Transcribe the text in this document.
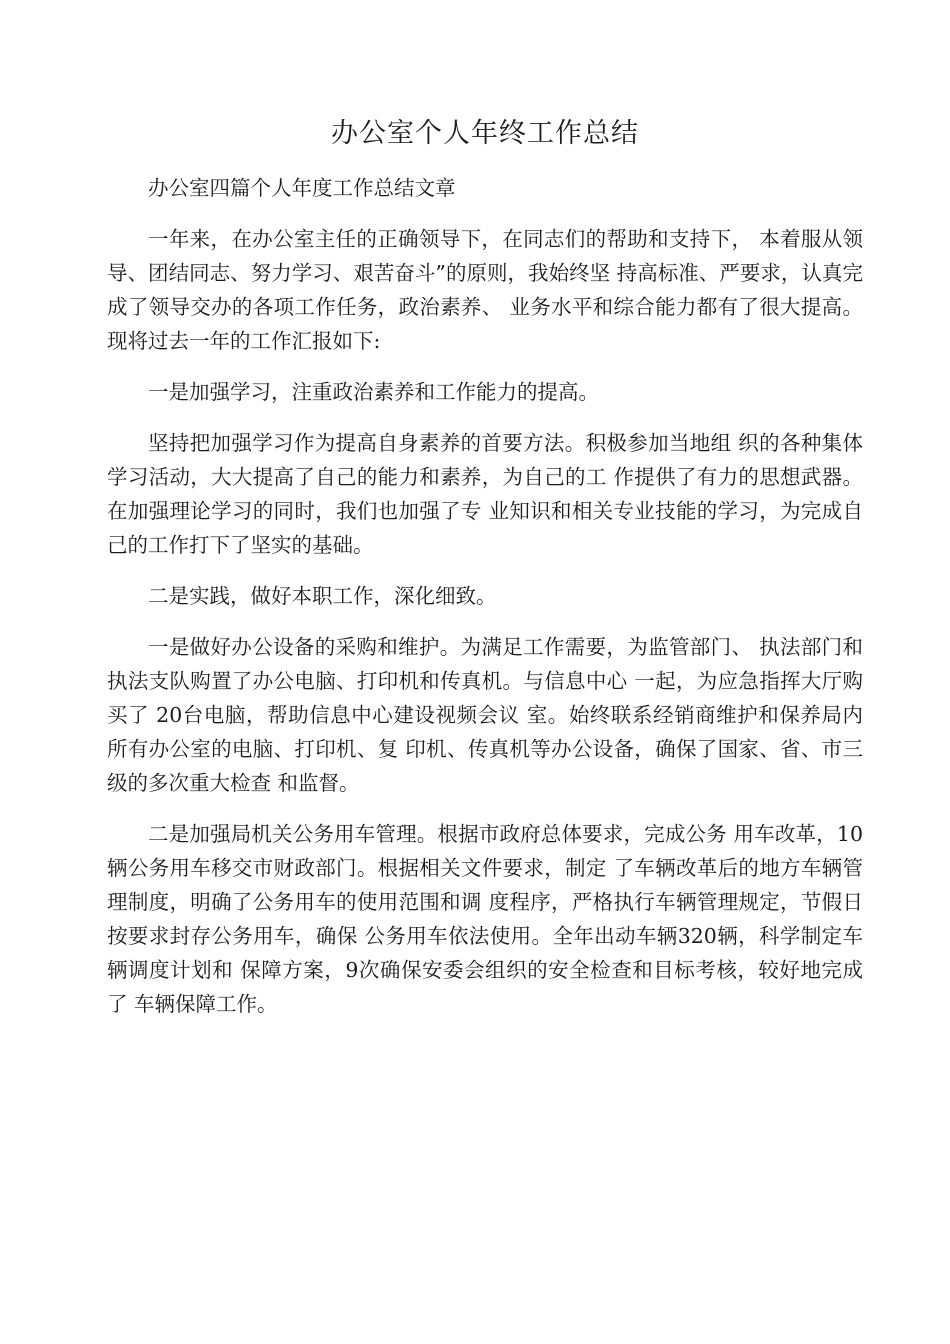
办公室个人年终工作总结

办公室四篇个人年度工作总结文章

一年来，在办公室主任的正确领导下，在同志们的帮助和支持下， 本着服从领导、团结同志、努力学习、艰苦奋斗”的原则，我始终坚 持高标准、严要求，认真完成了领导交办的各项工作任务，政治素养、 业务水平和综合能力都有了很大提高。现将过去一年的工作汇报如下:

一是加强学习，注重政治素养和工作能力的提高。

坚持把加强学习作为提高自身素养的首要方法。积极参加当地组 织的各种集体学习活动，大大提高了自己的能力和素养，为自己的工 作提供了有力的思想武器。在加强理论学习的同时，我们也加强了专 业知识和相关专业技能的学习，为完成自己的工作打下了坚实的基础。

二是实践，做好本职工作，深化细致。

一是做好办公设备的采购和维护。为满足工作需要，为监管部门、 执法部门和执法支队购置了办公电脑、打印机和传真机。与信息中心 一起，为应急指挥大厅购买了 20台电脑，帮助信息中心建设视频会议 室。始终联系经销商维护和保养局内所有办公室的电脑、打印机、复 印机、传真机等办公设备，确保了国家、省、市三级的多次重大检查 和监督。

二是加强局机关公务用车管理。根据市政府总体要求，完成公务 用车改革，10辆公务用车移交市财政部门。根据相关文件要求，制定 了车辆改革后的地方车辆管理制度，明确了公务用车的使用范围和调 度程序，严格执行车辆管理规定，节假日按要求封存公务用车，确保 公务用车依法使用。全年出动车辆320辆，科学制定车辆调度计划和 保障方案，9次确保安委会组织的安全检查和目标考核，较好地完成了 车辆保障工作。
